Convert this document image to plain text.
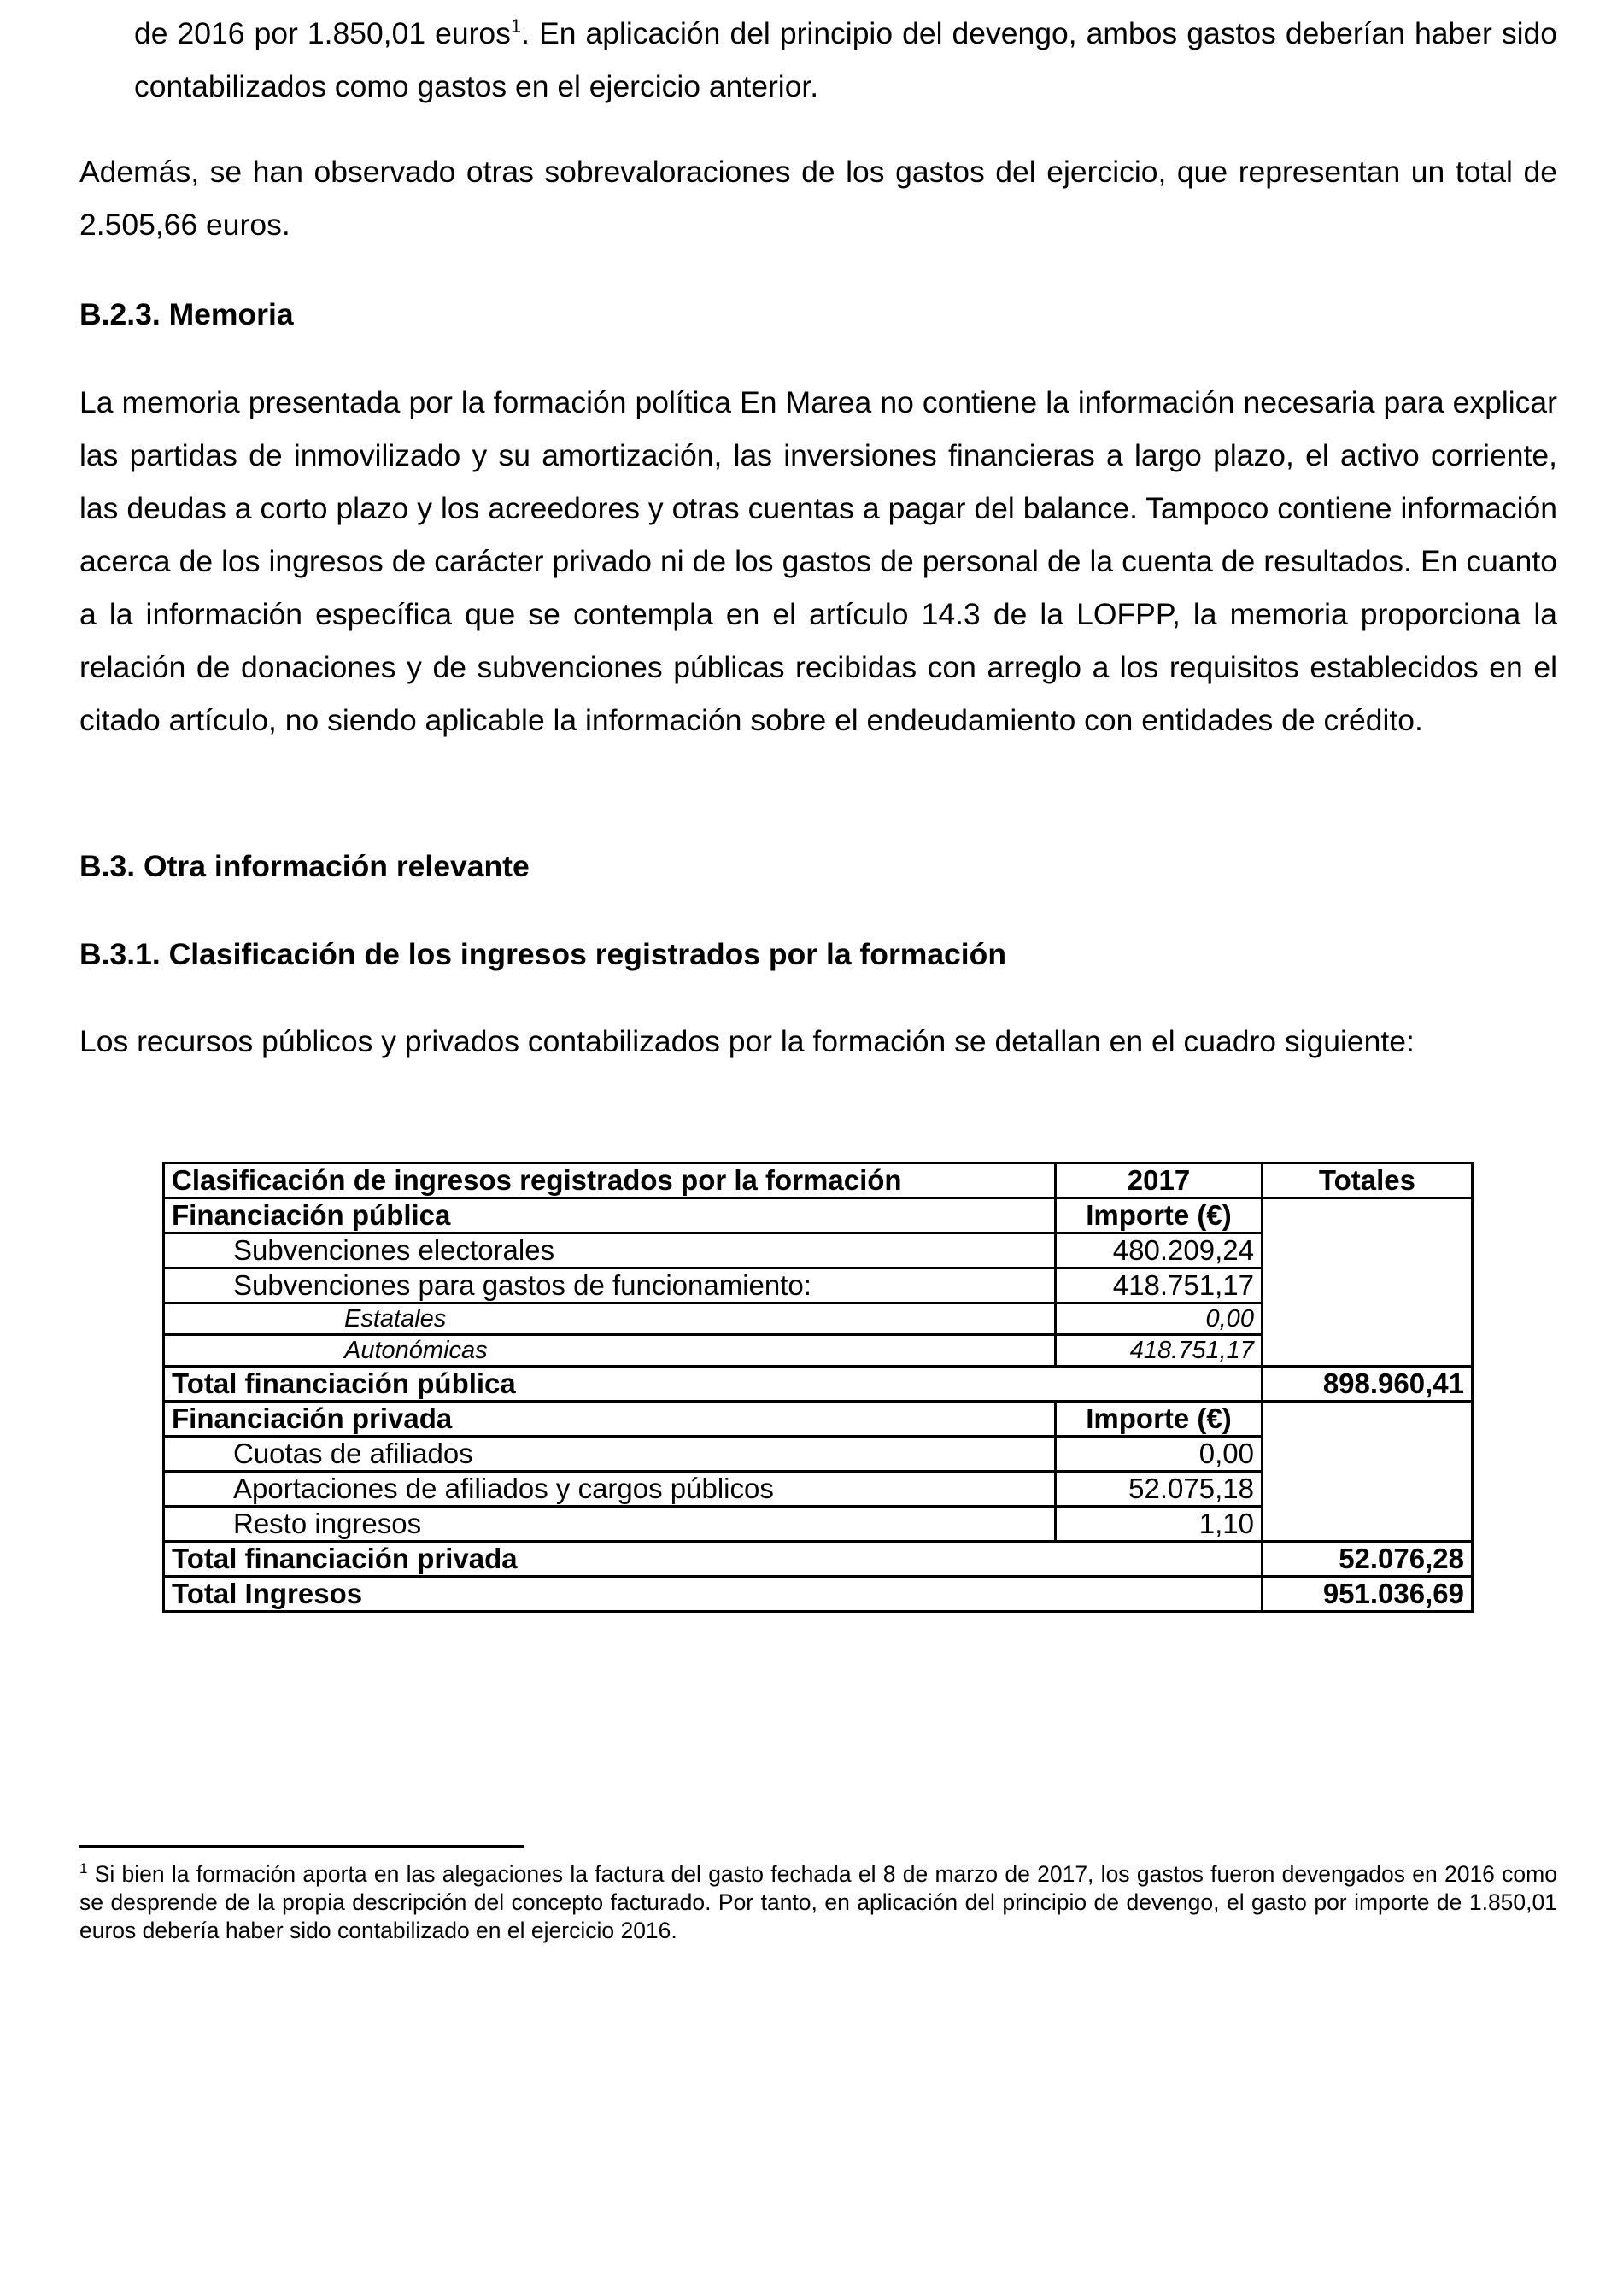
de 2016 por 1.850,01 euros$^1$. En aplicación del principio del devengo, ambos gastos deberían haber sido contabilizados como gastos en el ejercicio anterior.

Además, se han observado otras sobrevaloraciones de los gastos del ejercicio, que representan un total de 2.505,66 euros.

B.2.3. Memoria

La memoria presentada por la formación política En Marea no contiene la información necesaria para explicar las partidas de inmovilizado y su amortización, las inversiones financieras a largo plazo, el activo corriente, las deudas a corto plazo y los acreedores y otras cuentas a pagar del balance. Tampoco contiene información acerca de los ingresos de carácter privado ni de los gastos de personal de la cuenta de resultados. En cuanto a la información específica que se contempla en el artículo 14.3 de la LOFPP, la memoria proporciona la relación de donaciones y de subvenciones públicas recibidas con arreglo a los requisitos establecidos en el citado artículo, no siendo aplicable la información sobre el endeudamiento con entidades de crédito.

B.3. Otra información relevante
B.3.1. Clasificación de los ingresos registrados por la formación

Los recursos públicos y privados contabilizados por la formación se detallan en el cuadro siguiente:

Clasificación de ingresos registrados por la formación	2017	Totales
Financiación pública	Importe (€)	
Subvenciones electorales	480.209,24	
Subvenciones para gastos de funcionamiento:	418.751,17	
Estatales	0,00	
Autonómicas	418.751,17	
Total financiación pública		898.960,41
Financiación privada	Importe (€)	
Cuotas de afiliados	0,00	
Aportaciones de afiliados y cargos públicos	52.075,18	
Resto ingresos	1,10	
Total financiación privada		52.076,28
Total Ingresos		951.036,69

$^1$ Si bien la formación aporta en las alegaciones la factura del gasto fechada el 8 de marzo de 2017, los gastos fueron devengados en 2016 como se desprende de la propia descripción del concepto facturado. Por tanto, en aplicación del principio de devengo, el gasto por importe de 1.850,01 euros debería haber sido contabilizado en el ejercicio 2016.
